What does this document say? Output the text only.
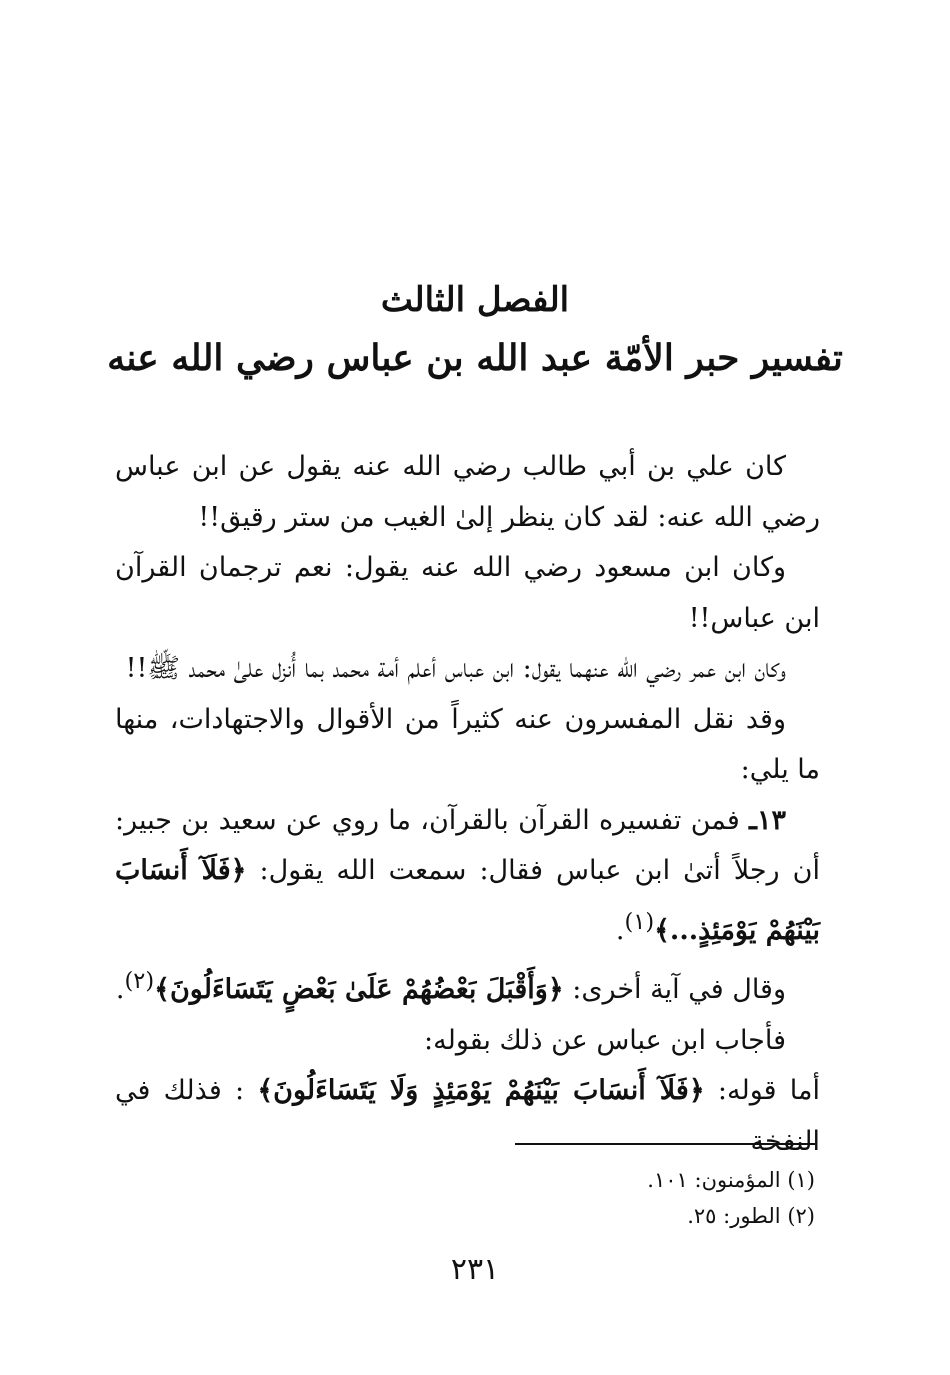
الفصل الثالث
تفسير حبر الأمّة عبد الله بن عباس رضي الله عنه

كان علي بن أبي طالب رضي الله عنه يقول عن ابن عباس رضي الله عنه: لقد كان ينظر إلىٰ الغيب من ستر رقيق!!

وكان ابن مسعود رضي الله عنه يقول: نعم ترجمان القرآن ابن عباس!!

وكان ابن عمر رضي الله عنهما يقول: ابن عباس أعلم أمة محمد بما أُنزل علىٰ محمد ﷺ!!

وقد نقل المفسرون عنه كثيراً من الأقوال والاجتهادات، منها ما يلي:

١٣ـ فمن تفسيره القرآن بالقرآن، ما روي عن سعيد بن جبير: أن رجلاً أتىٰ ابن عباس فقال: سمعت الله يقول: ﴿فَلَآ أَنسَابَ بَيْنَهُمْ يَوْمَئِذٍ...﴾$^{(١)}$.

وقال في آية أخرى: ﴿وَأَقْبَلَ بَعْضُهُمْ عَلَىٰ بَعْضٍ يَتَسَاءَلُونَ﴾$^{(٢)}$.

فأجاب ابن عباس عن ذلك بقوله:

أما قوله: ﴿فَلَآ أَنسَابَ بَيْنَهُمْ يَوْمَئِذٍ وَلَا يَتَسَاءَلُونَ﴾ : فذلك في النفخة

(١) المؤمنون: ١٠١.

(٢) الطور: ٢٥.

٢٣١
